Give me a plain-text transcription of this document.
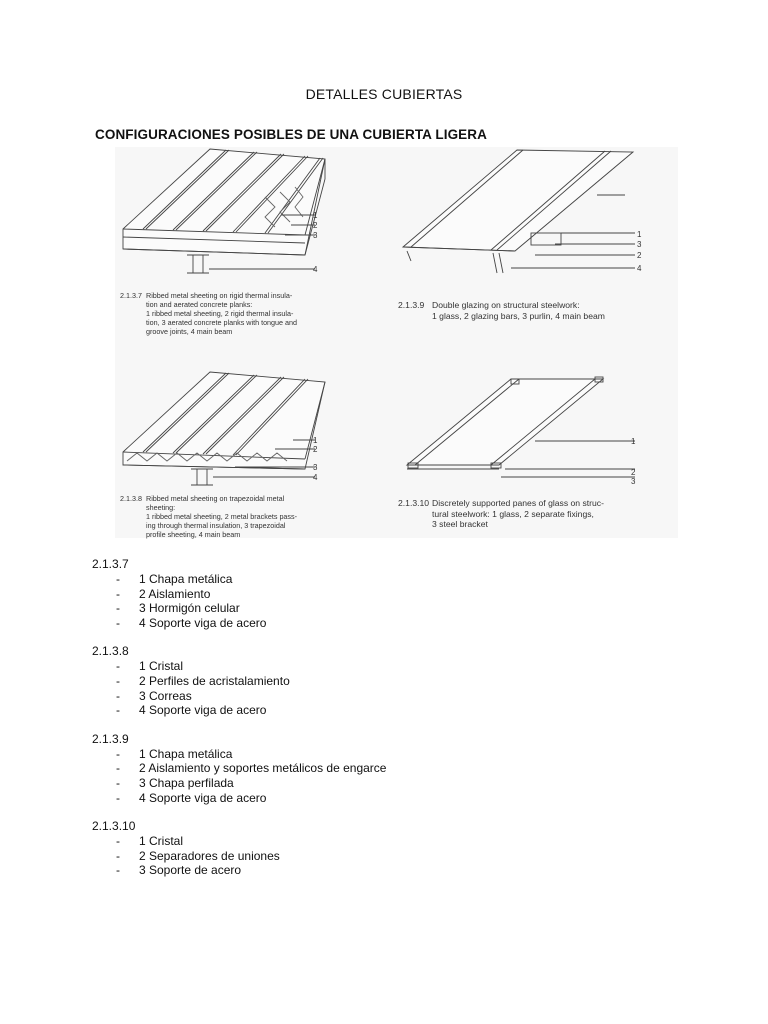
DETALLES CUBIERTAS
CONFIGURACIONES POSIBLES DE UNA CUBIERTA LIGERA
1
2
3
4
1
3
2
4
1
2
3
4
1
2
3
2.1.3.7 Ribbed metal sheeting on rigid thermal insula-
tion and aerated concrete planks:
1 ribbed metal sheeting, 2 rigid thermal insula-
tion, 3 aerated concrete planks with tongue and
groove joints, 4 main beam
2.1.3.9 Double glazing on structural steelwork:
1 glass, 2 glazing bars, 3 purlin, 4 main beam
2.1.3.8 Ribbed metal sheeting on trapezoidal metal
sheeting:
1 ribbed metal sheeting, 2 metal brackets pass-
ing through thermal insulation, 3 trapezoidal
profile sheeting, 4 main beam
2.1.3.10 Discretely supported panes of glass on struc-
tural steelwork: 1 glass, 2 separate fixings,
3 steel bracket
2.1.3.7
- 1 Chapa metálica
- 2 Aislamiento
- 3 Hormigón celular
- 4 Soporte viga de acero
2.1.3.8
- 1 Cristal
- 2 Perfiles de acristalamiento
- 3 Correas
- 4 Soporte viga de acero
2.1.3.9
- 1 Chapa metálica
- 2 Aislamiento y soportes metálicos de engarce
- 3 Chapa perfilada
- 4 Soporte viga de acero
2.1.3.10
- 1 Cristal
- 2 Separadores de uniones
- 3 Soporte de acero
